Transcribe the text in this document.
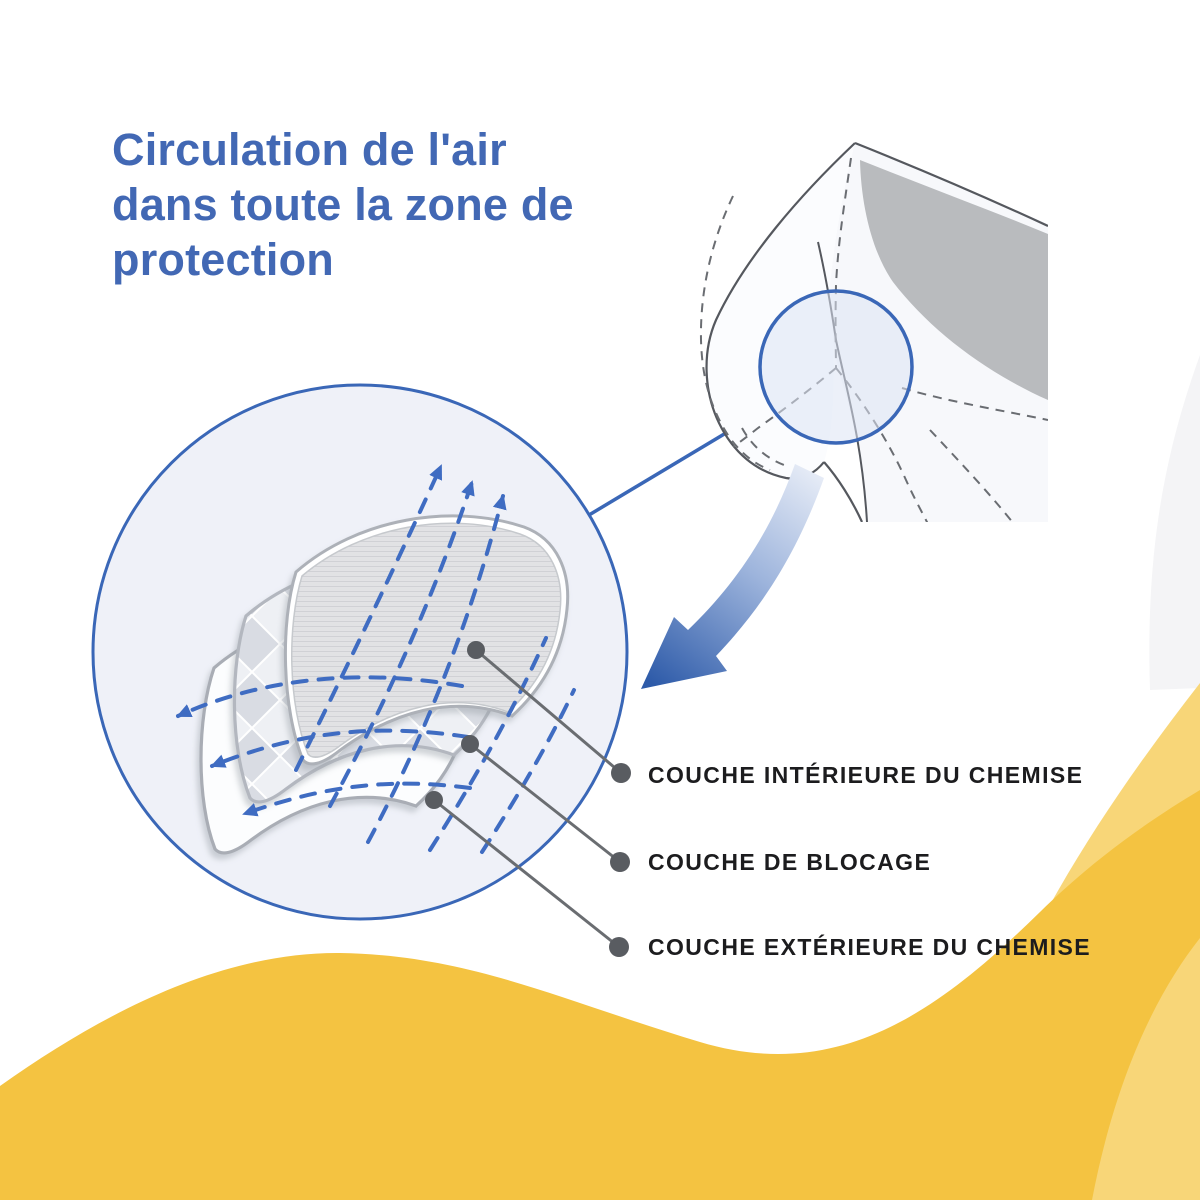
Circulation de l'air dans toute la zone de protection
COUCHE INTÉRIEURE DU CHEMISE
COUCHE DE BLOCAGE
COUCHE EXTÉRIEURE DU CHEMISE
